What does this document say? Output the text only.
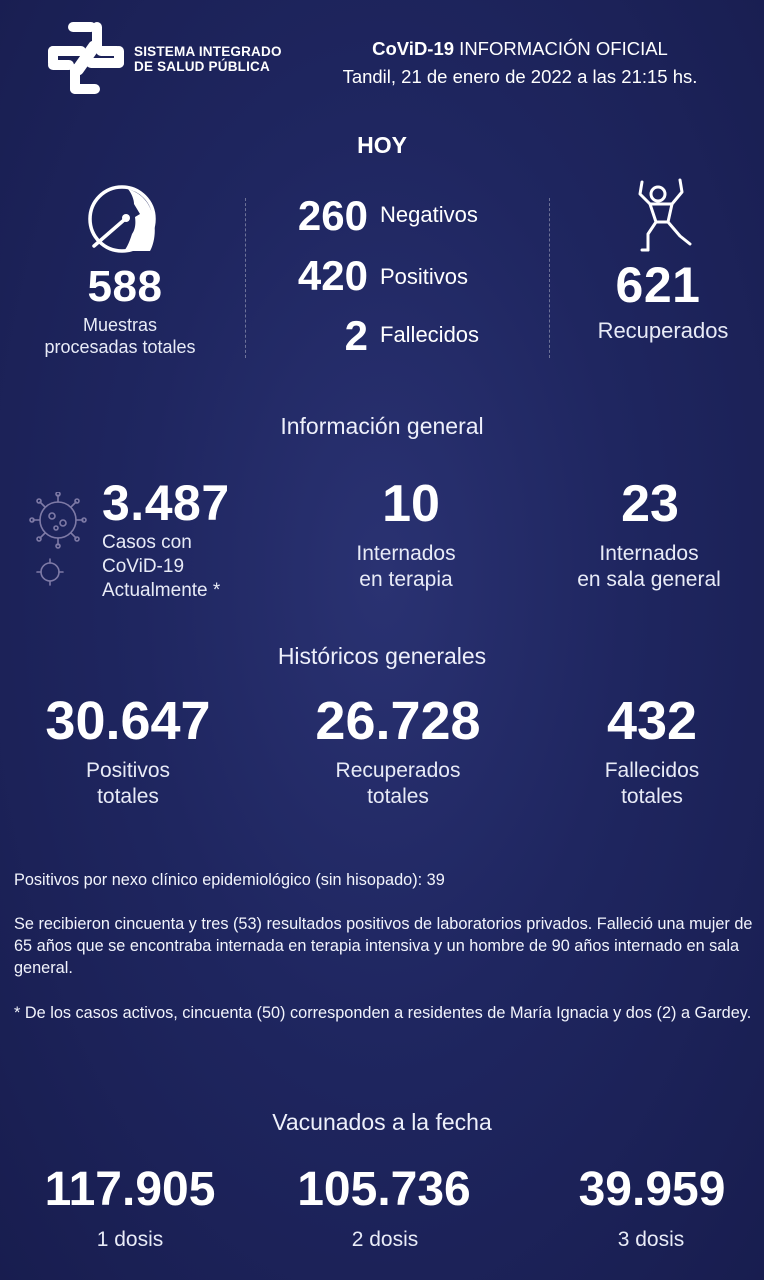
SISTEMA INTEGRADO
DE SALUD PÚBLICA
CoViD-19 INFORMACIÓN OFICIAL
Tandil, 21 de enero de 2022 a las 21:15 hs.
HOY
588
Muestras
procesadas totales
260 Negativos
420 Positivos
2 Fallecidos
621
Recuperados
Información general
3.487
Casos con
CoViD-19
Actualmente *
10
Internados
en terapia
23
Internados
en sala general
Históricos generales
30.647
Positivos
totales
26.728
Recuperados
totales
432
Fallecidos
totales
Positivos por nexo clínico epidemiológico (sin hisopado): 39
Se recibieron cincuenta y tres (53) resultados positivos de laboratorios privados. Falleció una mujer de 65 años que se encontraba internada en terapia intensiva y un hombre de 90 años internado en sala general.
* De los casos activos, cincuenta (50) corresponden a residentes de María Ignacia y dos (2) a Gardey.
Vacunados a la fecha
117.905
1 dosis
105.736
2 dosis
39.959
3 dosis
